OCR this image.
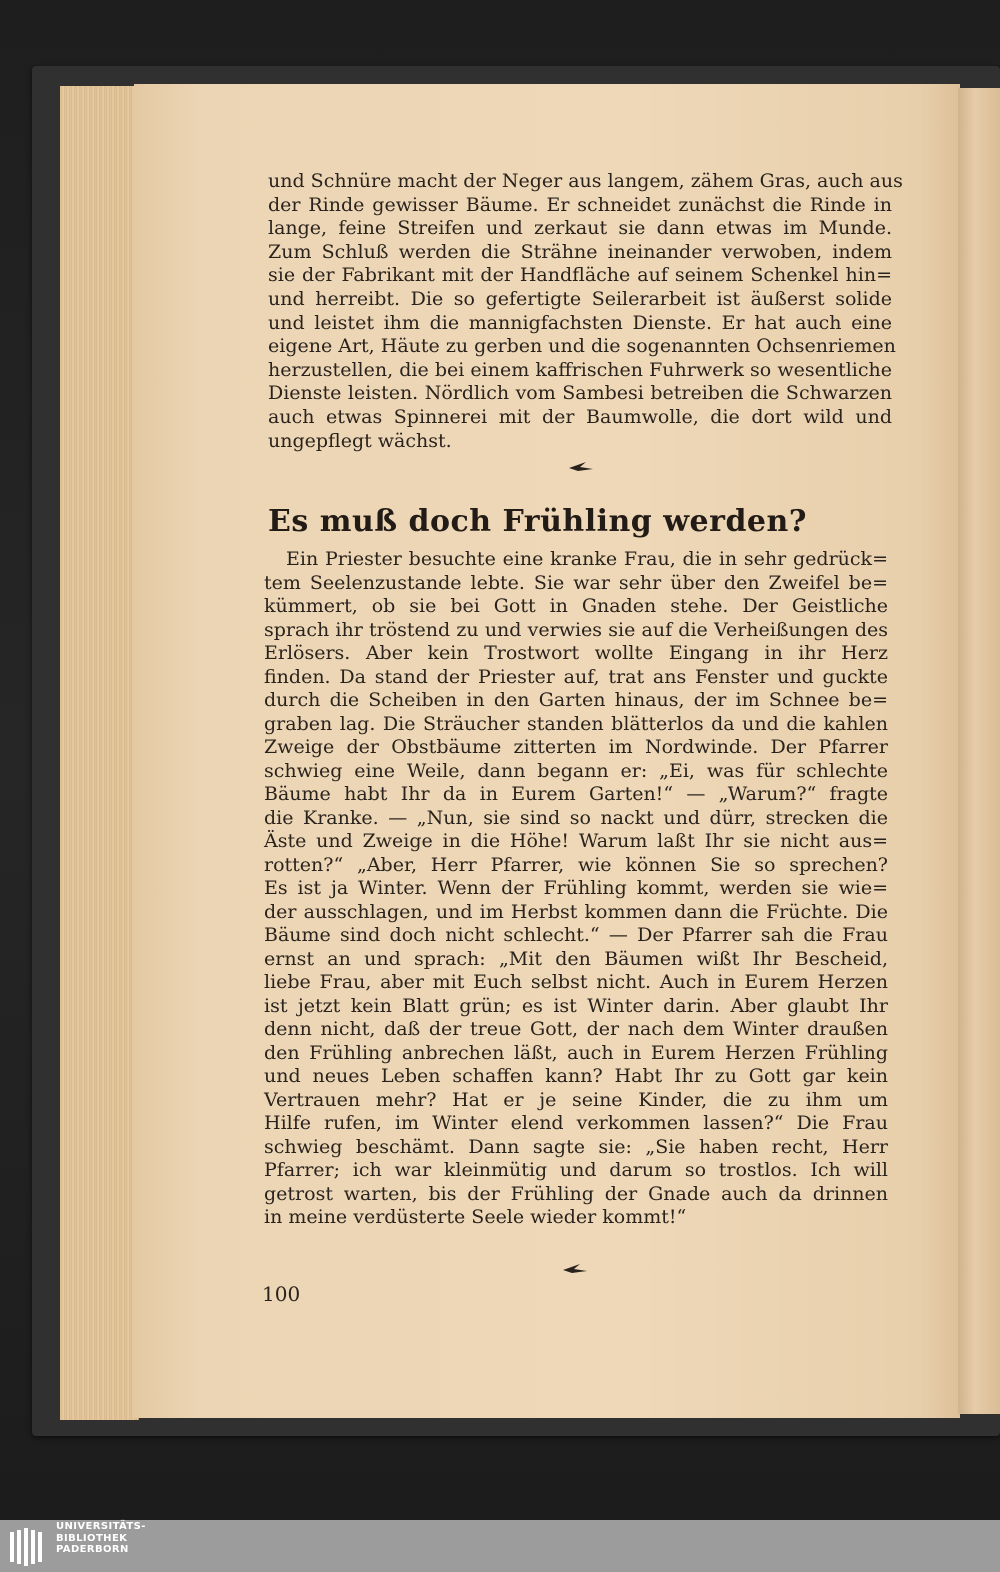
und Schnüre macht der Neger aus langem, zähem Gras, auch aus
der Rinde gewisser Bäume. Er schneidet zunächst die Rinde in
lange, feine Streifen und zerkaut sie dann etwas im Munde.
Zum Schluß werden die Strähne ineinander verwoben, indem
sie der Fabrikant mit der Handfläche auf seinem Schenkel hin=
und herreibt. Die so gefertigte Seilerarbeit ist äußerst solide
und leistet ihm die mannigfachsten Dienste. Er hat auch eine
eigene Art, Häute zu gerben und die sogenannten Ochsenriemen
herzustellen, die bei einem kaffrischen Fuhrwerk so wesentliche
Dienste leisten. Nördlich vom Sambesi betreiben die Schwarzen
auch etwas Spinnerei mit der Baumwolle, die dort wild und
ungepflegt wächst.
Es muß doch Frühling werden?
Ein Priester besuchte eine kranke Frau, die in sehr gedrück=
tem Seelenzustande lebte. Sie war sehr über den Zweifel be=
kümmert, ob sie bei Gott in Gnaden stehe. Der Geistliche
sprach ihr tröstend zu und verwies sie auf die Verheißungen des
Erlösers. Aber kein Trostwort wollte Eingang in ihr Herz
finden. Da stand der Priester auf, trat ans Fenster und guckte
durch die Scheiben in den Garten hinaus, der im Schnee be=
graben lag. Die Sträucher standen blätterlos da und die kahlen
Zweige der Obstbäume zitterten im Nordwinde. Der Pfarrer
schwieg eine Weile, dann begann er: „Ei, was für schlechte
Bäume habt Ihr da in Eurem Garten!“ — „Warum?“ fragte
die Kranke. — „Nun, sie sind so nackt und dürr, strecken die
Äste und Zweige in die Höhe! Warum laßt Ihr sie nicht aus=
rotten?“ „Aber, Herr Pfarrer, wie können Sie so sprechen?
Es ist ja Winter. Wenn der Frühling kommt, werden sie wie=
der ausschlagen, und im Herbst kommen dann die Früchte. Die
Bäume sind doch nicht schlecht.“ — Der Pfarrer sah die Frau
ernst an und sprach: „Mit den Bäumen wißt Ihr Bescheid,
liebe Frau, aber mit Euch selbst nicht. Auch in Eurem Herzen
ist jetzt kein Blatt grün; es ist Winter darin. Aber glaubt Ihr
denn nicht, daß der treue Gott, der nach dem Winter draußen
den Frühling anbrechen läßt, auch in Eurem Herzen Frühling
und neues Leben schaffen kann? Habt Ihr zu Gott gar kein
Vertrauen mehr? Hat er je seine Kinder, die zu ihm um
Hilfe rufen, im Winter elend verkommen lassen?“ Die Frau
schwieg beschämt. Dann sagte sie: „Sie haben recht, Herr
Pfarrer; ich war kleinmütig und darum so trostlos. Ich will
getrost warten, bis der Frühling der Gnade auch da drinnen
in meine verdüsterte Seele wieder kommt!“
100
UNIVERSITÄTS-
BIBLIOTHEK
PADERBORN
